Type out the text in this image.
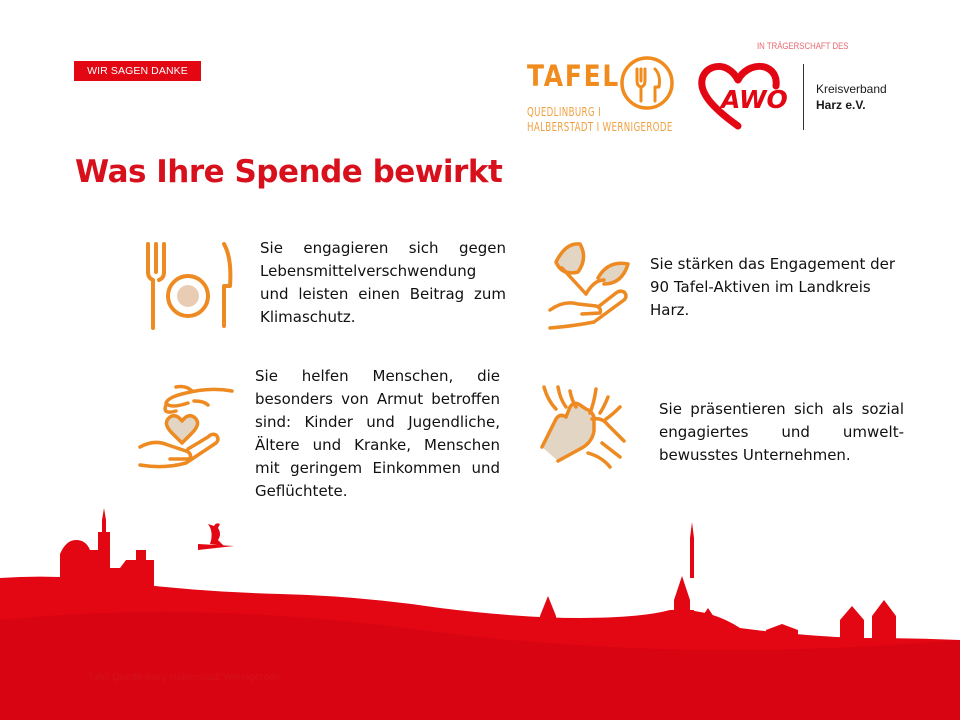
WIR SAGEN DANKE	TAFEL
QUEDLINBURG I
HALBERSTADT I WERNIGERODE
IN TRÄGERSCHAFT DES
AWO Kreisverband
Harz e.V.
Was Ihre Spende bewirkt

Sie engagieren sich gegen Lebensmittelverschwendung und leisten einen Beitrag zum Klimaschutz.

Sie stärken das Engagement der 90 Tafel-Aktiven im Landkreis Harz.

Sie helfen Menschen, die besonders von Armut betroffen sind: Kinder und Jugendliche, Ältere und Kranke, Menschen mit geringem Einkommen und Geflüchtete.

Sie präsentieren sich als sozial engagiertes und umwelt-bewusstes Unternehmen.

Tafel Quedlinburg Halberstadt Wernigerode
